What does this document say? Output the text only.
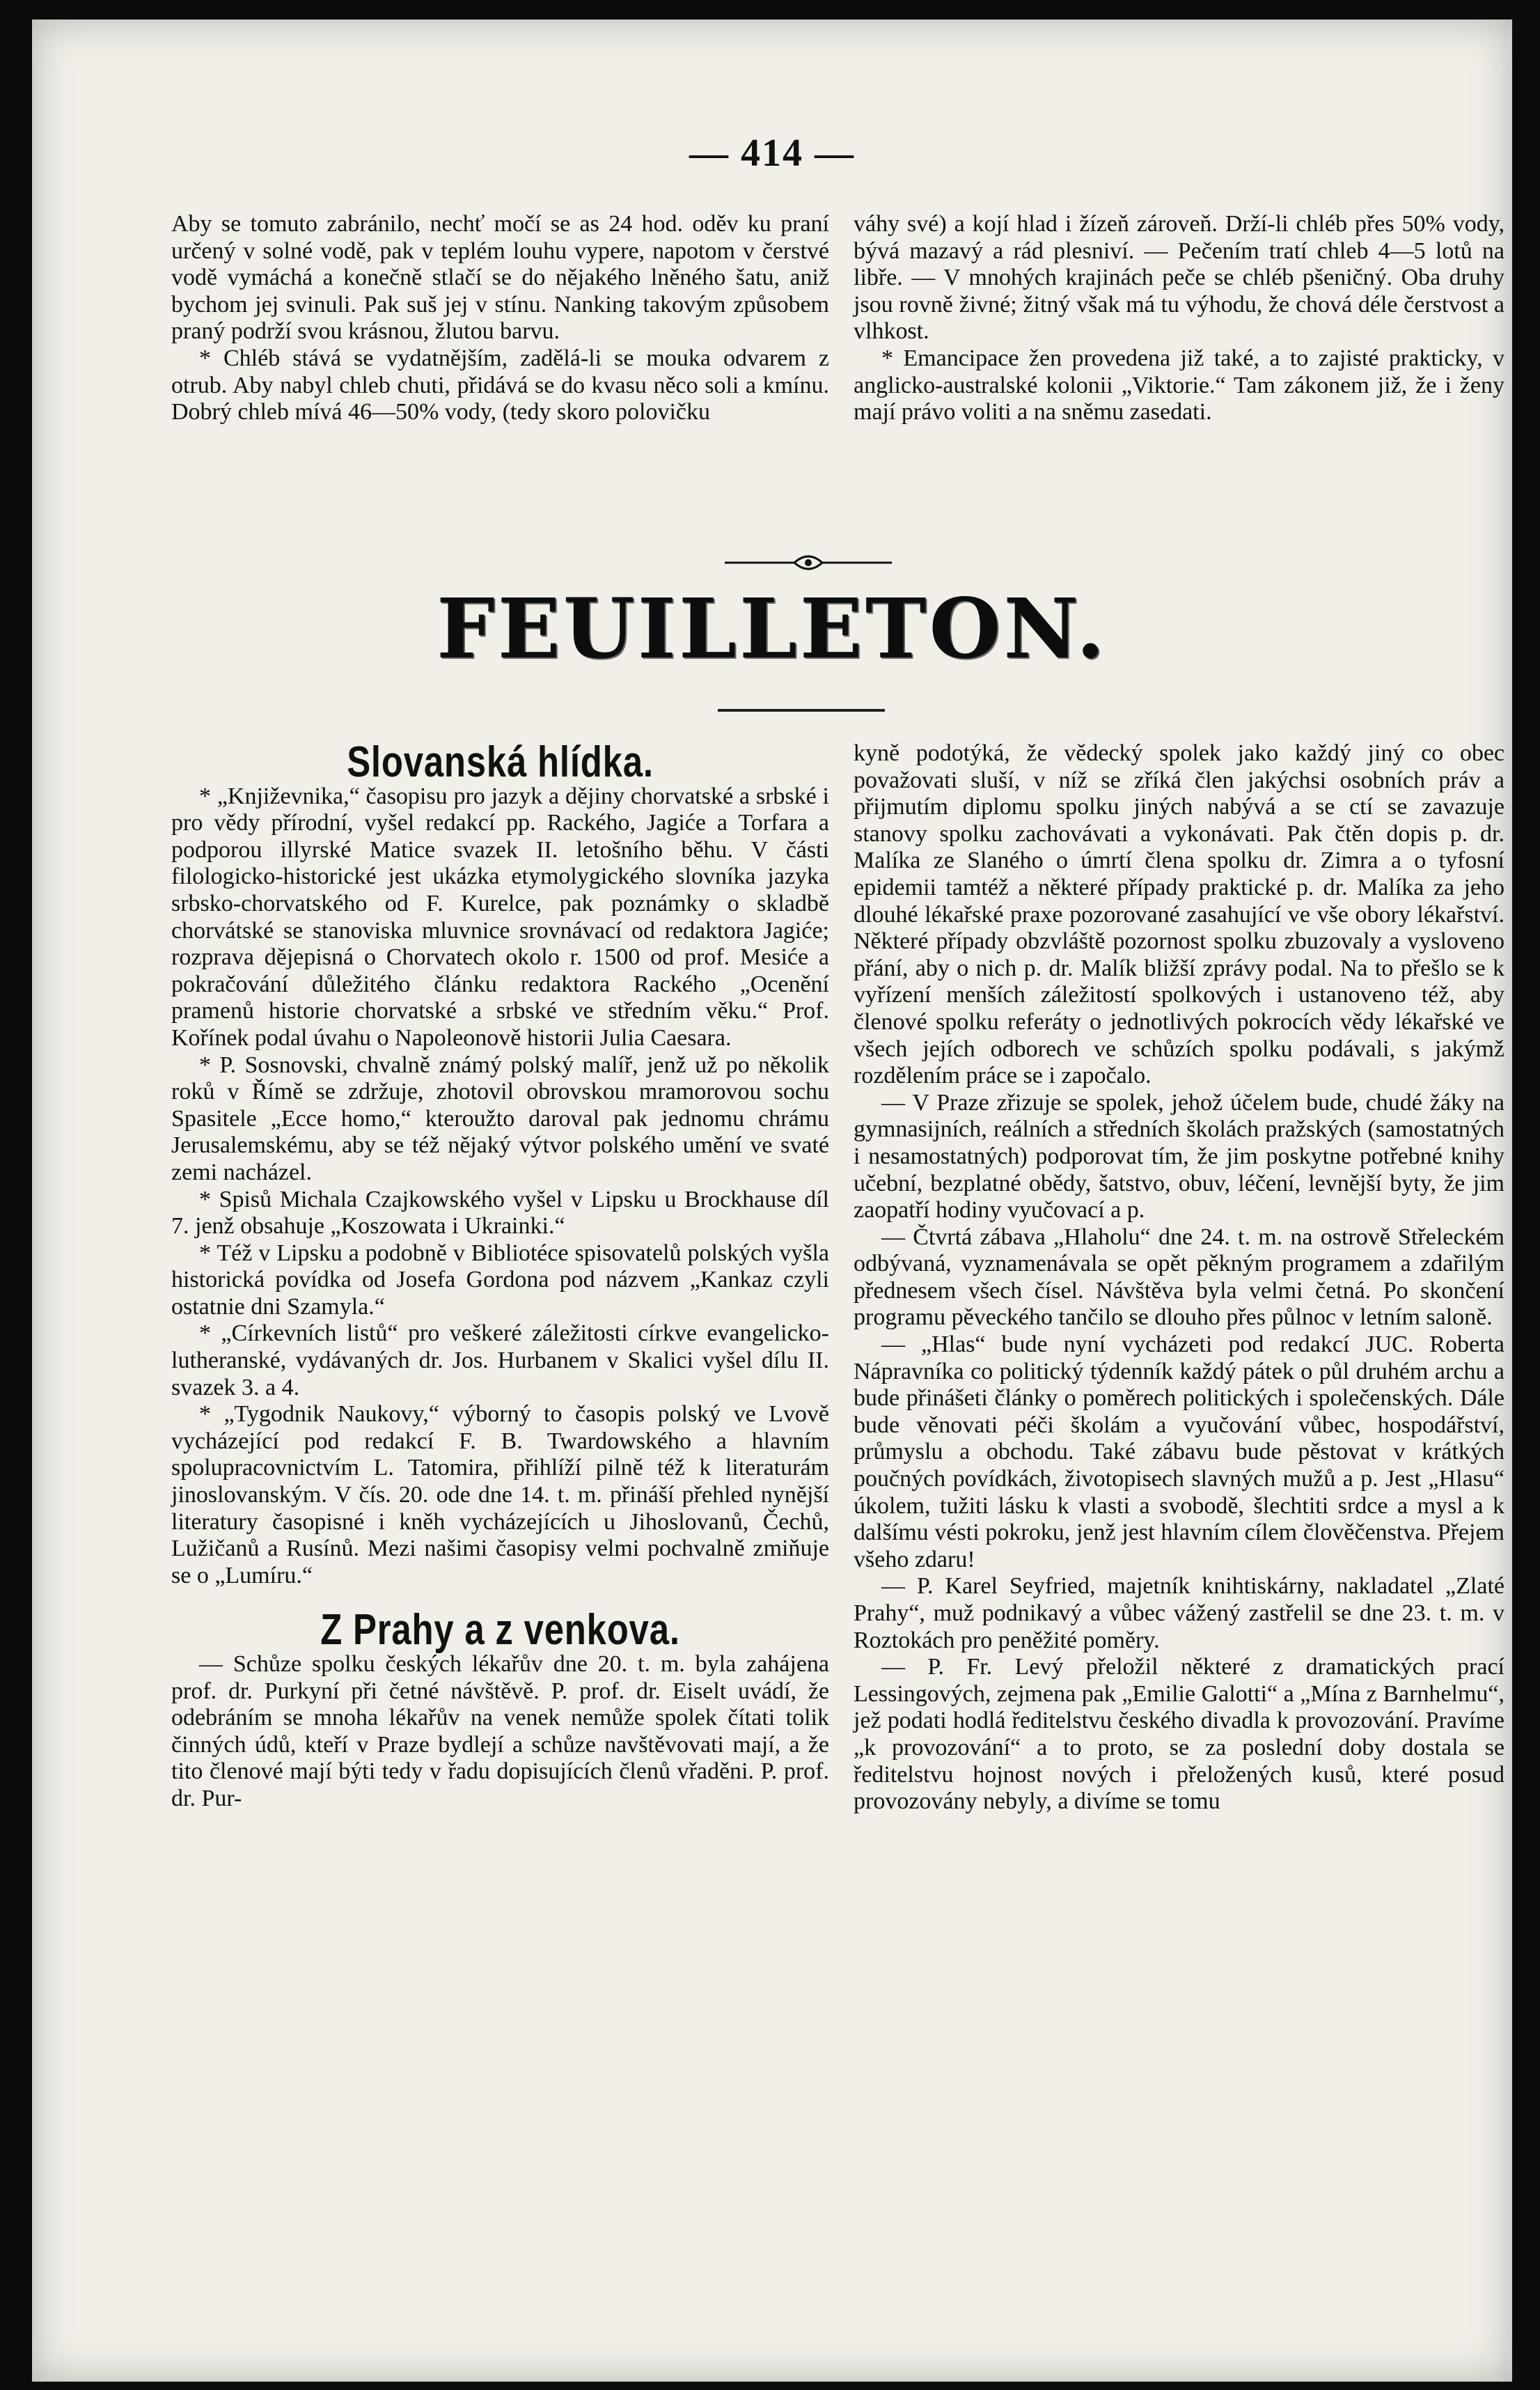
— 414 —

Aby se tomuto zabránilo, nechť močí se as 24 hod. oděv ku praní určený v solné vodě, pak v teplém louhu vypere, napotom v čerstvé vodě vymáchá a konečně stlačí se do nějakého lněného šatu, aniž bychom jej svinuli. Pak suš jej v stínu. Nanking takovým způsobem praný podrží svou krásnou, žlutou barvu.

* Chléb stává se vydatnějším, zadělá-li se mouka odvarem z otrub. Aby nabyl chleb chuti, přidává se do kvasu něco soli a kmínu. Dobrý chleb mívá 46—50% vody, (tedy skoro polovičku

váhy své) a kojí hlad i žízeň zároveň. Drží-li chléb přes 50% vody, bývá mazavý a rád plesniví. — Pečením tratí chleb 4—5 lotů na libře. — V mnohých krajinách peče se chléb pšeničný. Oba druhy jsou rovně živné; žitný však má tu výhodu, že chová déle čerstvost a vlhkost.

* Emancipace žen provedena již také, a to zajisté prakticky, v anglicko-australské kolonii „Viktorie.“ Tam zákonem již, že i ženy mají právo voliti a na sněmu zasedati.

FEUILLETON.
Slovanská hlídka.

* „Književnika,“ časopisu pro jazyk a dějiny chorvatské a srbské i pro vědy přírodní, vyšel redakcí pp. Rackého, Jagiće a Torfara a podporou illyrské Matice svazek II. letošního běhu. V části filologicko-historické jest ukázka etymolygického slovníka jazyka srbsko-chorvatského od F. Kurelce, pak poznámky o skladbě chorvátské se stanoviska mluvnice srovnávací od redaktora Jagiće; rozprava dějepisná o Chorvatech okolo r. 1500 od prof. Mesiće a pokračování důležitého článku redaktora Rackého „Ocenění pramenů historie chorvatské a srbské ve středním věku.“ Prof. Kořínek podal úvahu o Napoleonově historii Julia Caesara.

* P. Sosnovski, chvalně známý polský malíř, jenž už po několik roků v Římě se zdržuje, zhotovil obrovskou mramorovou sochu Spasitele „Ecce homo,“ kteroužto daroval pak jednomu chrámu Jerusalemskému, aby se též nějaký výtvor polského umění ve svaté zemi nacházel.

* Spisů Michala Czajkowského vyšel v Lipsku u Brockhause díl 7. jenž obsahuje „Koszowata i Ukrainki.“

* Též v Lipsku a podobně v Bibliotéce spisovatelů polských vyšla historická povídka od Josefa Gordona pod názvem „Kankaz czyli ostatnie dni Szamyla.“

* „Církevních listů“ pro veškeré záležitosti církve evangelicko-lutheranské, vydávaných dr. Jos. Hurbanem v Skalici vyšel dílu II. svazek 3. a 4.

* „Tygodnik Naukovy,“ výborný to časopis polský ve Lvově vycházející pod redakcí F. B. Twardowského a hlavním spolupracovnictvím L. Tatomira, přihlíží pilně též k literaturám jinoslovanským. V čís. 20. ode dne 14. t. m. přináší přehled nynější literatury časopisné i kněh vycházejících u Jihoslovanů, Čechů, Lužičanů a Rusínů. Mezi našimi časopisy velmi pochvalně zmiňuje se o „Lumíru.“

Z Prahy a z venkova.

— Schůze spolku českých lékařův dne 20. t. m. byla zahájena prof. dr. Purkyní při četné návštěvě. P. prof. dr. Eiselt uvádí, že odebráním se mnoha lékařův na venek nemůže spolek čítati tolik činných údů, kteří v Praze bydlejí a schůze navštěvovati mají, a že tito členové mají býti tedy v řadu dopisujících členů vřaděni. P. prof. dr. Pur-

kyně podotýká, že vědecký spolek jako každý jiný co obec považovati sluší, v níž se zříká člen jakýchsi osobních práv a přijmutím diplomu spolku jiných nabývá a se ctí se zavazuje stanovy spolku zachovávati a vykonávati. Pak čtěn dopis p. dr. Malíka ze Slaného o úmrtí člena spolku dr. Zimra a o tyfosní epidemii tamtéž a některé případy praktické p. dr. Malíka za jeho dlouhé lékařské praxe pozorované zasahující ve vše obory lékařství. Některé případy obzvláště pozornost spolku zbuzovaly a vysloveno přání, aby o nich p. dr. Malík bližší zprávy podal. Na to přešlo se k vyřízení menších záležitostí spolkových i ustanoveno též, aby členové spolku referáty o jednotlivých pokrocích vědy lékařské ve všech jejích odborech ve schůzích spolku podávali, s jakýmž rozdělením práce se i započalo.

— V Praze zřizuje se spolek, jehož účelem bude, chudé žáky na gymnasijních, reálních a středních školách pražských (samostatných i nesamostatných) podporovat tím, že jim poskytne potřebné knihy učební, bezplatné obědy, šatstvo, obuv, léčení, levnější byty, že jim zaopatří hodiny vyučovací a p.

— Čtvrtá zábava „Hlaholu“ dne 24. t. m. na ostrově Střeleckém odbývaná, vyznamenávala se opět pěkným programem a zdařilým přednesem všech čísel. Návštěva byla velmi četná. Po skončení programu pěveckého tančilo se dlouho přes půlnoc v letním saloně.

— „Hlas“ bude nyní vycházeti pod redakcí JUC. Roberta Nápravníka co politický týdenník každý pátek o půl druhém archu a bude přinášeti články o poměrech politických i společenských. Dále bude věnovati péči školám a vyučování vůbec, hospodářství, průmyslu a obchodu. Také zábavu bude pěstovat v krátkých poučných povídkách, životopisech slavných mužů a p. Jest „Hlasu“ úkolem, tužiti lásku k vlasti a svobodě, šlechtiti srdce a mysl a k dalšímu vésti pokroku, jenž jest hlavním cílem člověčenstva. Přejem všeho zdaru!

— P. Karel Seyfried, majetník knihtiskárny, nakladatel „Zlaté Prahy“, muž podnikavý a vůbec vážený zastřelil se dne 23. t. m. v Roztokách pro peněžité poměry.

— P. Fr. Levý přeložil některé z dramatických prací Lessingových, zejmena pak „Emilie Galotti“ a „Mína z Barnhelmu“, jež podati hodlá ředitelstvu českého divadla k provozování. Pravíme „k provozování“ a to proto, se za poslední doby dostala se ředitelstvu hojnost nových i přeložených kusů, které posud provozovány nebyly, a divíme se tomu
